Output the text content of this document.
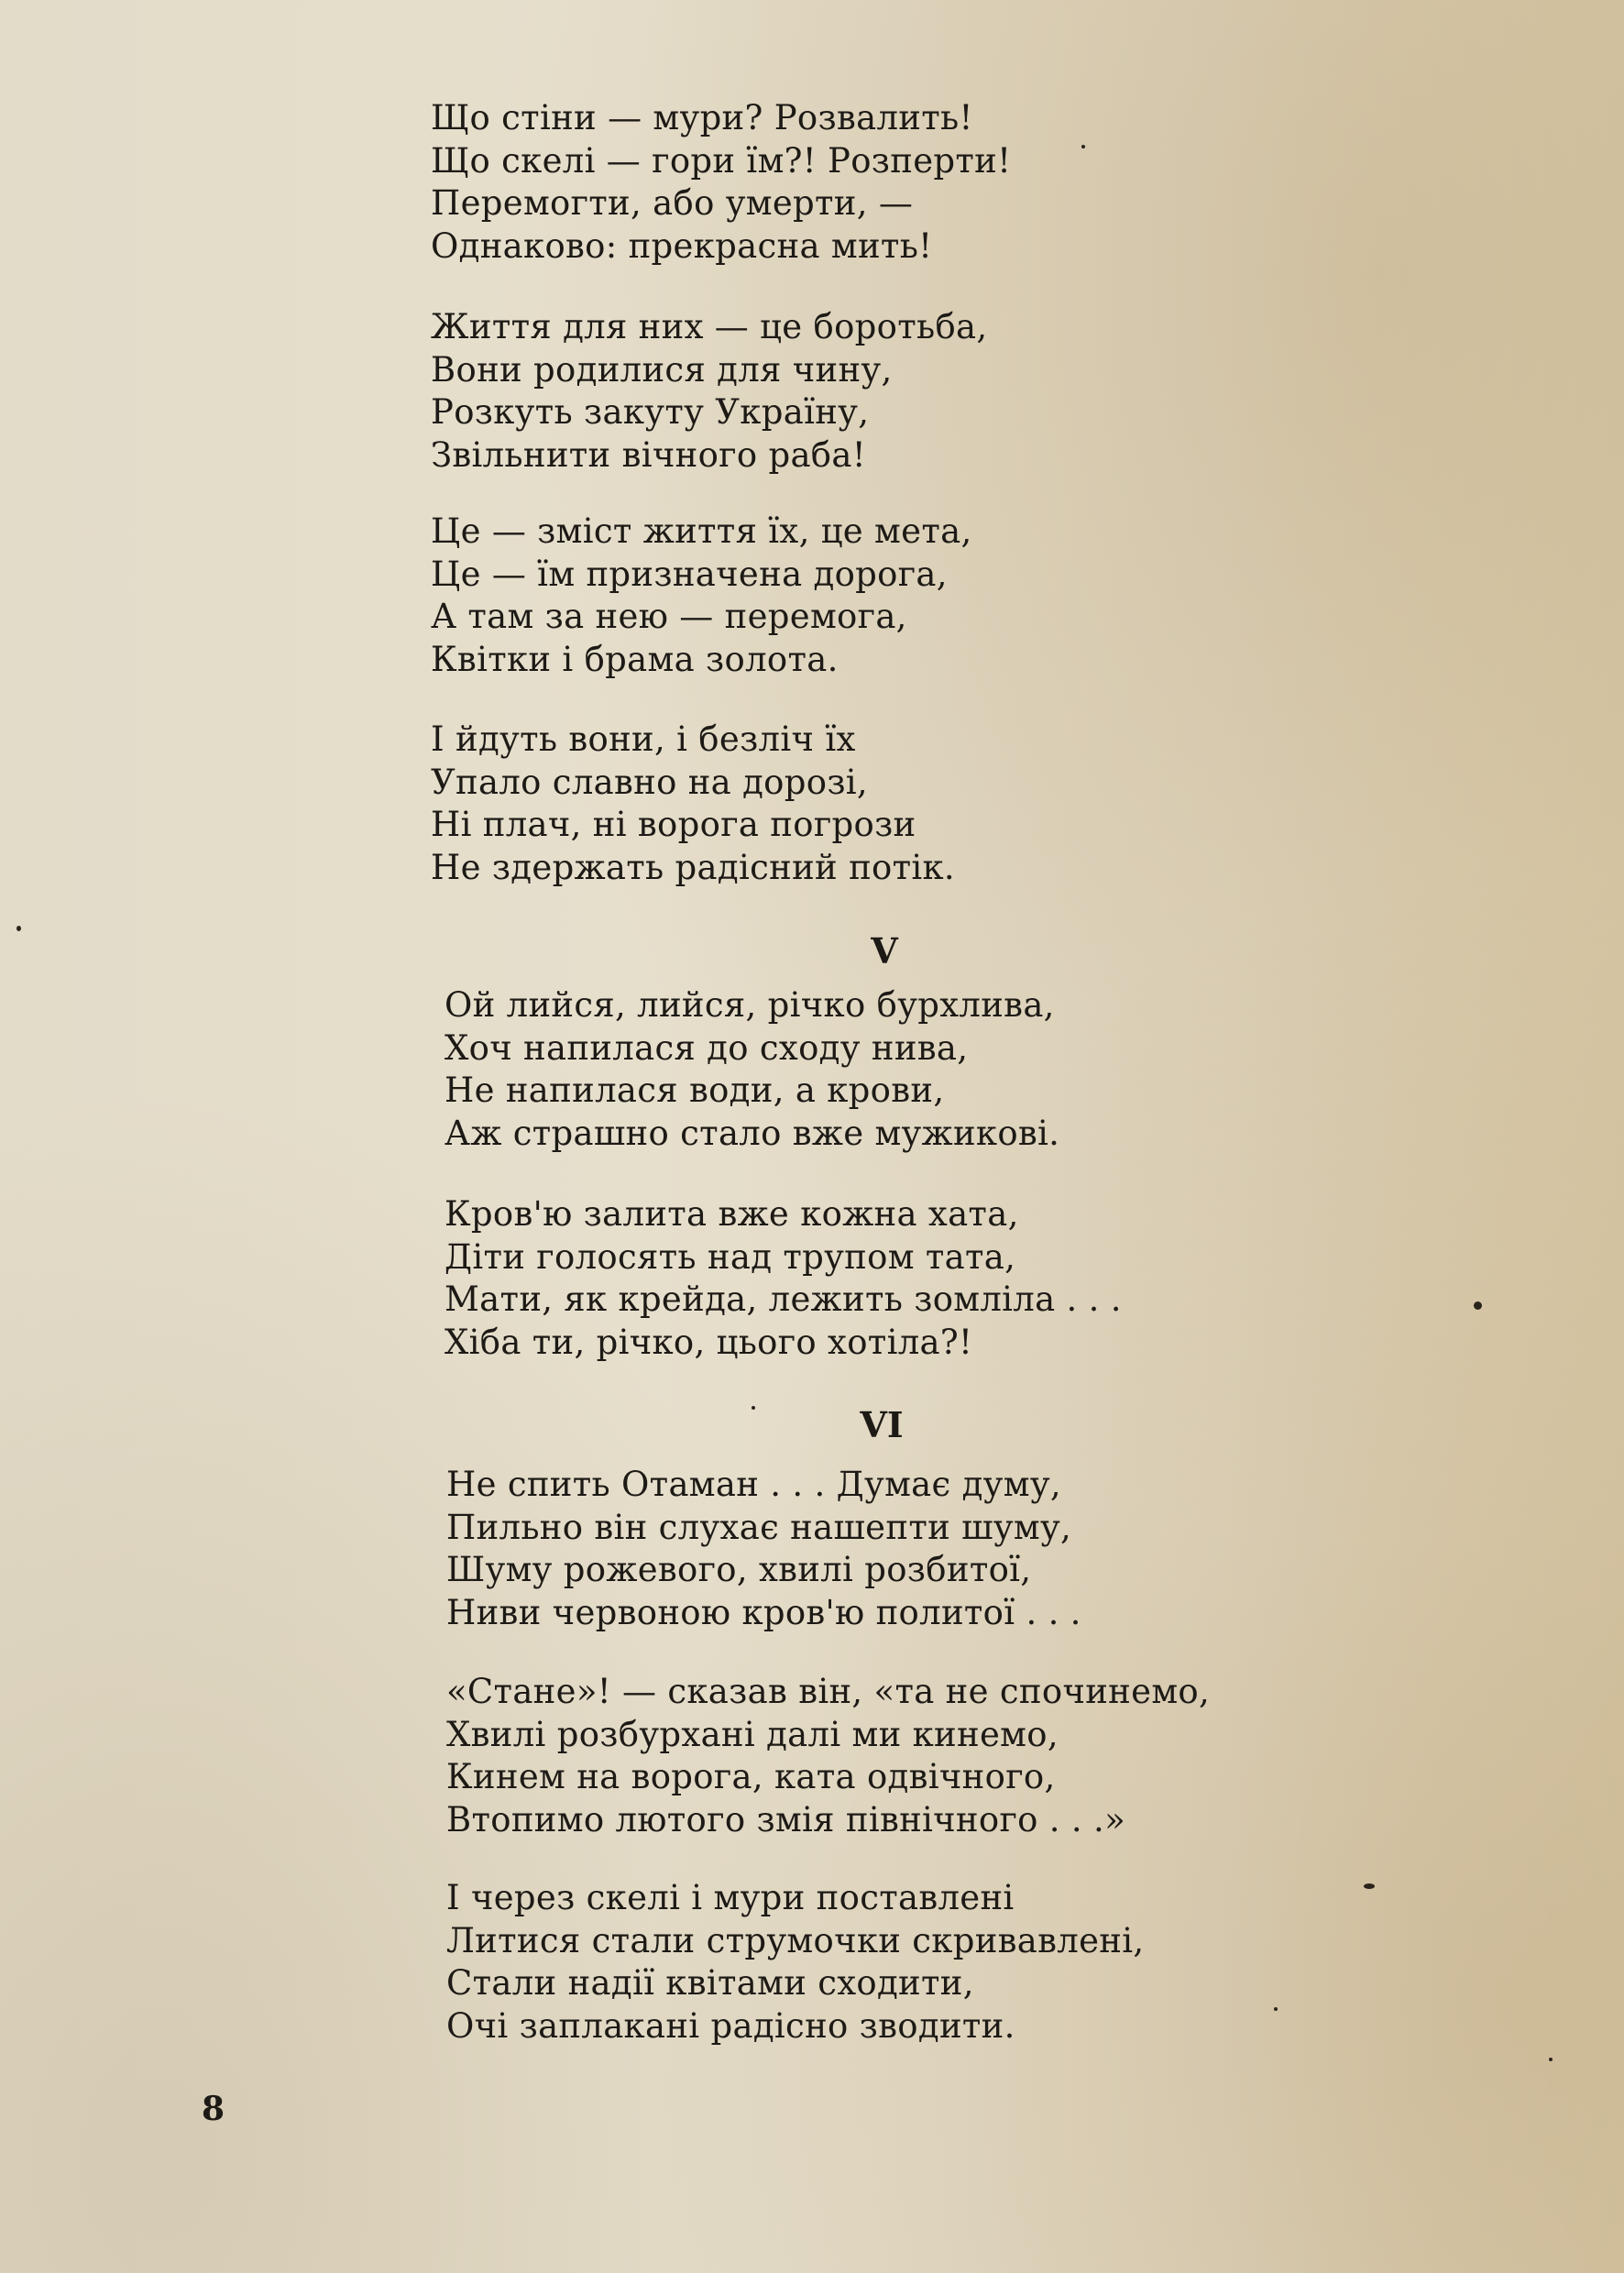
Що стіни — мури? Розвалить!
Що скелі — гори їм?! Розперти!
Перемогти, або умерти, —
Однаково: прекрасна мить!
Життя для них — це боротьба,
Вони родилися для чину,
Розкуть закуту Україну,
Звільнити вічного раба!
Це — зміст життя їх, це мета,
Це — їм призначена дорога,
А там за нею — перемога,
Квітки і брама золота.
І йдуть вони, і безліч їх
Упало славно на дорозі,
Ні плач, ні ворога погрози
Не здержать радісний потік.
V
Ой лийся, лийся, річко бурхлива,
Хоч напилася до сходу нива,
Не напилася води, а крови,
Аж страшно стало вже мужикові.
Кров'ю залита вже кожна хата,
Діти голосять над трупом тата,
Мати, як крейда, лежить зомліла . . .
Хіба ти, річко, цього хотіла?!
VI
Не спить Отаман . . . Думає думу,
Пильно він слухає нашепти шуму,
Шуму рожевого, хвилі розбитої,
Ниви червоною кров'ю политої . . .
«Стане»! — сказав він, «та не спочинемо,
Хвилі розбурхані далі ми кинемо,
Кинем на ворога, ката одвічного,
Втопимо лютого змія північного . . .»
І через скелі і мури поставлені
Литися стали струмочки скривавлені,
Стали надії квітами сходити,
Очі заплакані радісно зводити.
8
